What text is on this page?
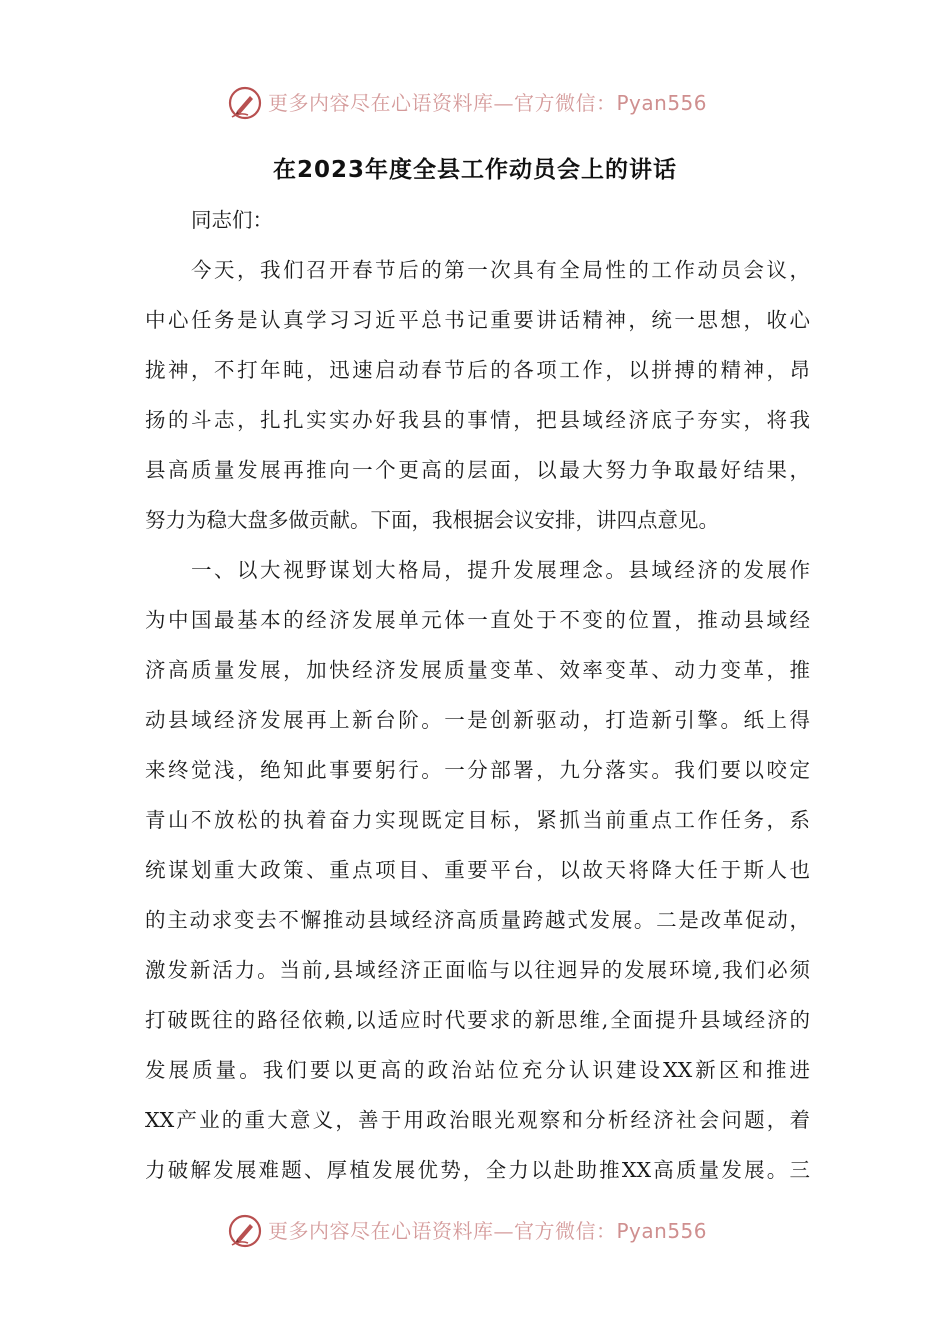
更多内容尽在心语资料库—官方微信：Pyan556
在2023年度全县工作动员会上的讲话
同志们：
今天，我们召开春节后的第一次具有全局性的工作动员会议，
中心任务是认真学习习近平总书记重要讲话精神，统一思想，收心
拢神，不打年盹，迅速启动春节后的各项工作，以拼搏的精神，昂
扬的斗志，扎扎实实办好我县的事情，把县域经济底子夯实，将我
县高质量发展再推向一个更高的层面，以最大努力争取最好结果，
努力为稳大盘多做贡献。下面，我根据会议安排，讲四点意见。
一、以大视野谋划大格局，提升发展理念。县域经济的发展作
为中国最基本的经济发展单元体一直处于不变的位置，推动县域经
济高质量发展，加快经济发展质量变革、效率变革、动力变革，推
动县域经济发展再上新台阶。一是创新驱动，打造新引擎。纸上得
来终觉浅，绝知此事要躬行。一分部署，九分落实。我们要以咬定
青山不放松的执着奋力实现既定目标，紧抓当前重点工作任务，系
统谋划重大政策、重点项目、重要平台，以故天将降大任于斯人也
的主动求变去不懈推动县域经济高质量跨越式发展。二是改革促动，
激发新活力。当前,县域经济正面临与以往迥异的发展环境,我们必须
打破既往的路径依赖,以适应时代要求的新思维,全面提升县域经济的
发展质量。我们要以更高的政治站位充分认识建设XX新区和推进
XX产业的重大意义，善于用政治眼光观察和分析经济社会问题，着
力破解发展难题、厚植发展优势，全力以赴助推XX高质量发展。三
更多内容尽在心语资料库—官方微信：Pyan556
